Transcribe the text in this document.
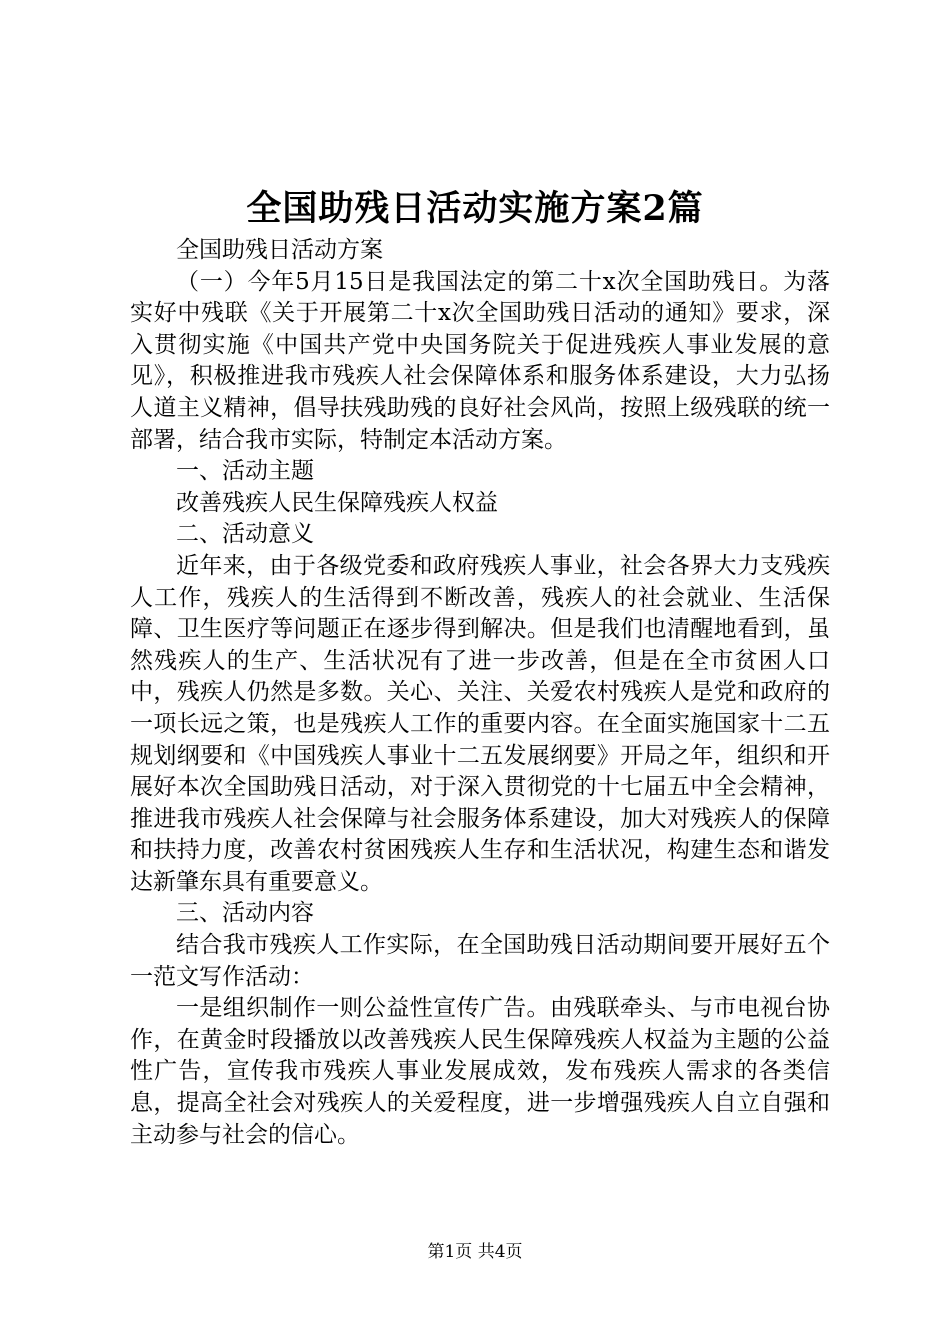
全国助残日活动实施方案2篇

全国助残日活动方案

（一）今年5月15日是我国法定的第二十x次全国助残日。为落实好中残联《关于开展第二十x次全国助残日活动的通知》要求，深入贯彻实施《中国共产党中央国务院关于促进残疾人事业发展的意见》，积极推进我市残疾人社会保障体系和服务体系建设，大力弘扬人道主义精神，倡导扶残助残的良好社会风尚，按照上级残联的统一部署，结合我市实际，特制定本活动方案。

一、活动主题

改善残疾人民生保障残疾人权益

二、活动意义

近年来，由于各级党委和政府残疾人事业，社会各界大力支残疾人工作，残疾人的生活得到不断改善，残疾人的社会就业、生活保障、卫生医疗等问题正在逐步得到解决。但是我们也清醒地看到，虽然残疾人的生产、生活状况有了进一步改善，但是在全市贫困人口中，残疾人仍然是多数。关心、关注、关爱农村残疾人是党和政府的一项长远之策，也是残疾人工作的重要内容。在全面实施国家十二五规划纲要和《中国残疾人事业十二五发展纲要》开局之年，组织和开展好本次全国助残日活动，对于深入贯彻党的十七届五中全会精神，推进我市残疾人社会保障与社会服务体系建设，加大对残疾人的保障和扶持力度，改善农村贫困残疾人生存和生活状况，构建生态和谐发达新肇东具有重要意义。

三、活动内容

结合我市残疾人工作实际，在全国助残日活动期间要开展好五个一范文写作活动：

一是组织制作一则公益性宣传广告。由残联牵头、与市电视台协作，在黄金时段播放以改善残疾人民生保障残疾人权益为主题的公益性广告，宣传我市残疾人事业发展成效，发布残疾人需求的各类信息，提高全社会对残疾人的关爱程度，进一步增强残疾人自立自强和主动参与社会的信心。

第1页 共4页
